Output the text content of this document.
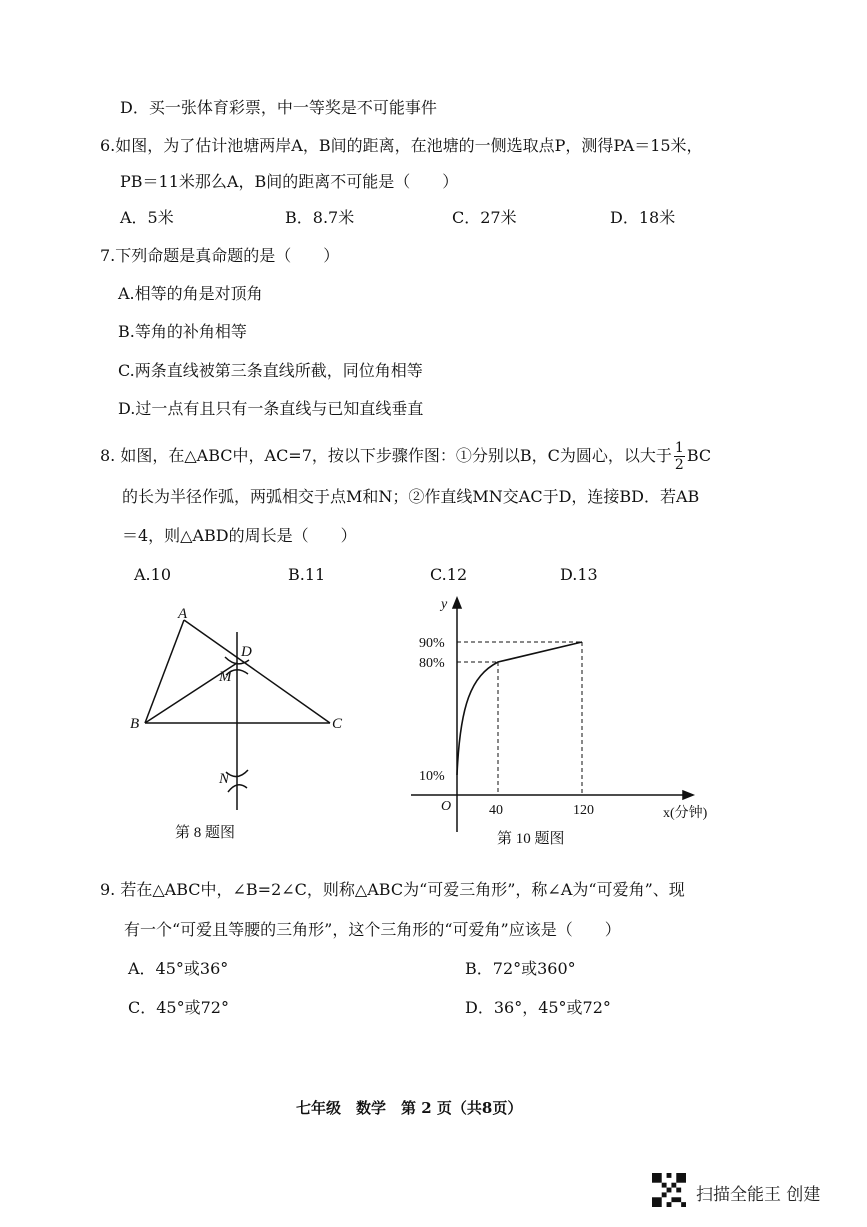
D．买一张体育彩票，中一等奖是不可能事件
6.如图，为了估计池塘两岸A，B间的距离，在池塘的一侧选取点P，测得PA＝15米，
PB＝11米那么A，B间的距离不可能是（　　）
A．5米	B．8.7米	C．27米	D．18米
7.下列命题是真命题的是（　　）
A.相等的角是对顶角
B.等角的补角相等
C.两条直线被第三条直线所截，同位角相等
D.过一点有且只有一条直线与已知直线垂直
8. 如图，在△ABC中，AC=7，按以下步骤作图：①分别以B，C为圆心，以大于 $\frac{1}{2}$ BC
的长为半径作弧，两弧相交于点M和N；②作直线MN交AC于D，连接BD．若AB
＝4，则△ABD的周长是（　　）
A.10	B.11	C.12	D.13
A
B	C
D
M
N
第 8 题图
90%
80%
10%
40	120
y
x(分钟)
O
第 10 题图
9. 若在△ABC中，∠B=2∠C，则称△ABC为“可爱三角形”，称∠A为“可爱角”、现
有一个“可爱且等腰的三角形”，这个三角形的“可爱角”应该是（　　）
A．45°或36°	B．72°或360°
C．45°或72°	D．36°，45°或72°
七年级　数学　第 2 页（共8页）
扫描全能王 创建
